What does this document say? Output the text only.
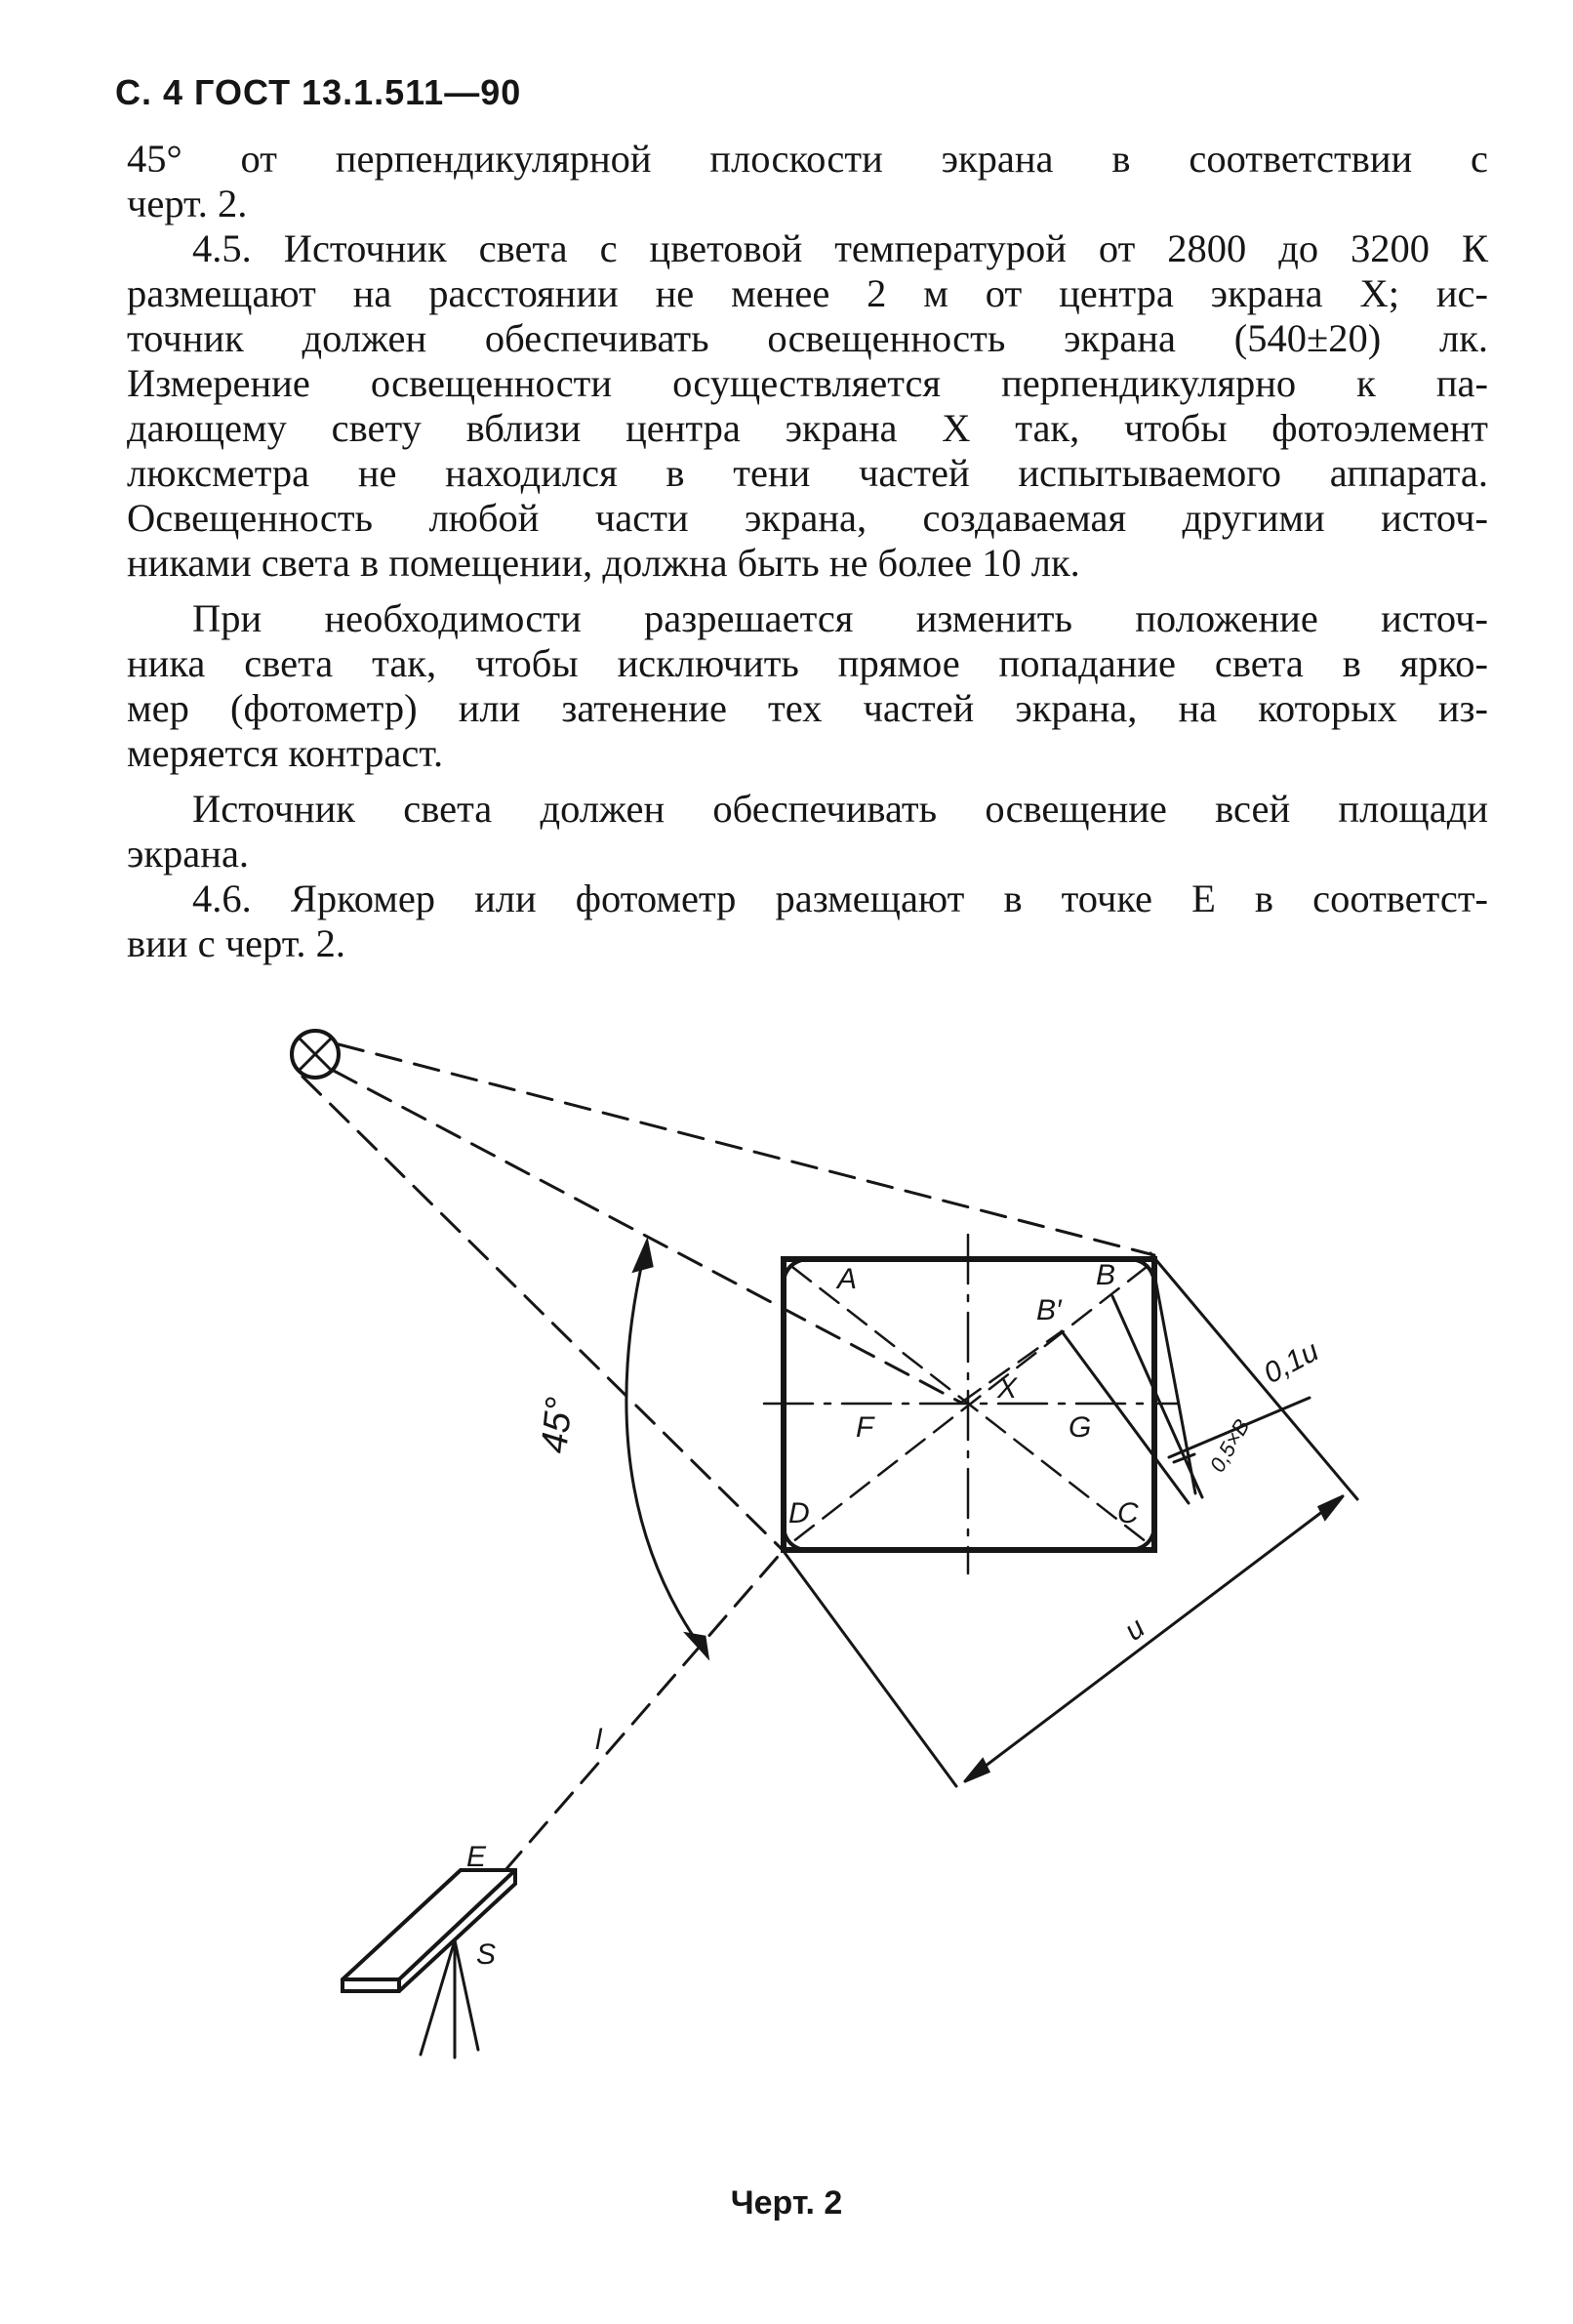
С. 4 ГОСТ 13.1.511—90

45° от перпендикулярной плоскости экрана в соответствии с
черт. 2.

4.5. Источник света с цветовой температурой от 2800 до 3200 К
размещают на расстоянии не менее 2 м от центра экрана X; ис-
точник должен обеспечивать освещенность экрана (540±20) лк.
Измерение освещенности осуществляется перпендикулярно к па-
дающему свету вблизи центра экрана X так, чтобы фотоэлемент
люксметра не находился в тени частей испытываемого аппарата.
Освещенность любой части экрана, создаваемая другими источ-
никами света в помещении, должна быть не более 10 лк.

При необходимости разрешается изменить положение источ-
ника света так, чтобы исключить прямое попадание света в ярко-
мер (фотометр) или затенение тех частей экрана, на которых из-
меряется контраст.

Источник света должен обеспечивать освещение всей площади
экрана.

4.6. Яркомер или фотометр размещают в точке E в соответст-
вии с черт. 2.

A
B′
B
X
F	G
D	C
0,1u
0,5×B
u
45°
l
E
S
Черт. 2
